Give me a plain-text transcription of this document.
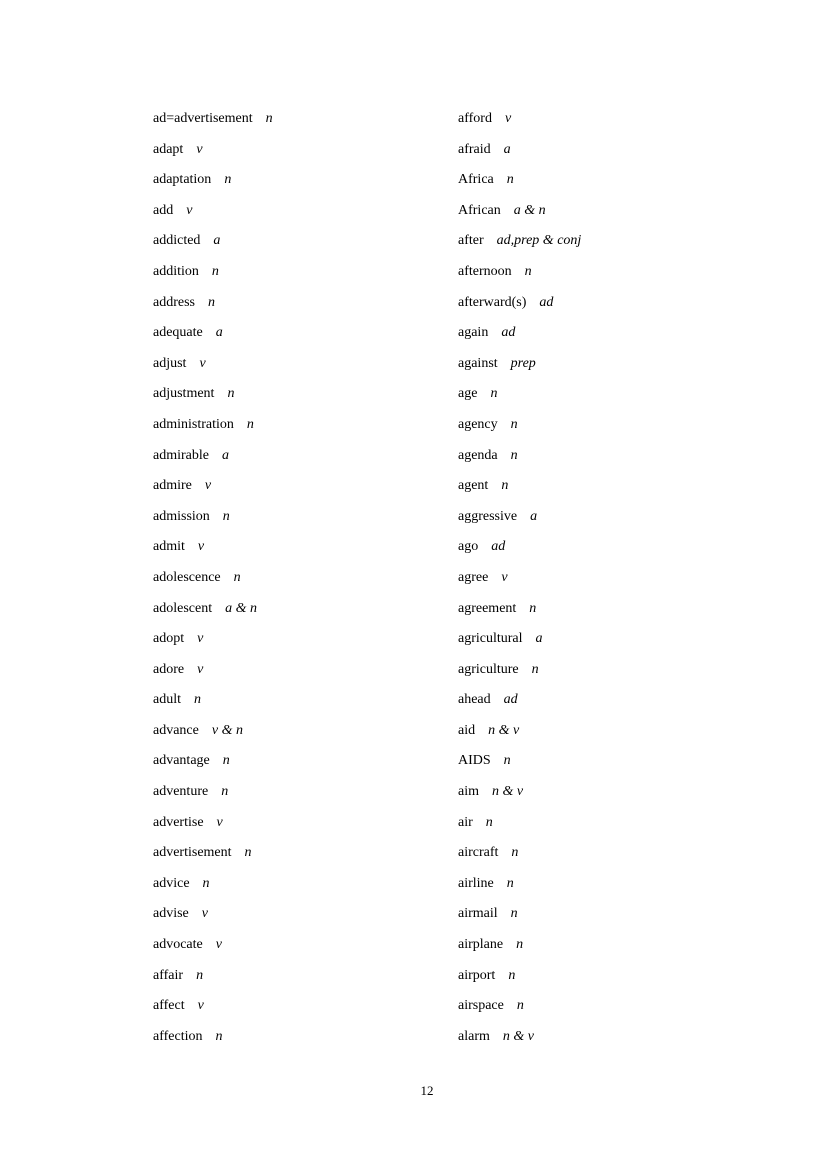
ad=advertisement n
adapt v
adaptation n
add v
addicted a
addition n
address n
adequate a
adjust v
adjustment n
administration n
admirable a
admire v
admission n
admit v
adolescence n
adolescent a & n
adopt v
adore v
adult n
advance v & n
advantage n
adventure n
advertise v
advertisement n
advice n
advise v
advocate v
affair n
affect v
affection n
afford v
afraid a
Africa n
African a & n
after ad,prep & conj
afternoon n
afterward(s) ad
again ad
against prep
age n
agency n
agenda n
agent n
aggressive a
ago ad
agree v
agreement n
agricultural a
agriculture n
ahead ad
aid n & v
AIDS n
aim n & v
air n
aircraft n
airline n
airmail n
airplane n
airport n
airspace n
alarm n & v
12
